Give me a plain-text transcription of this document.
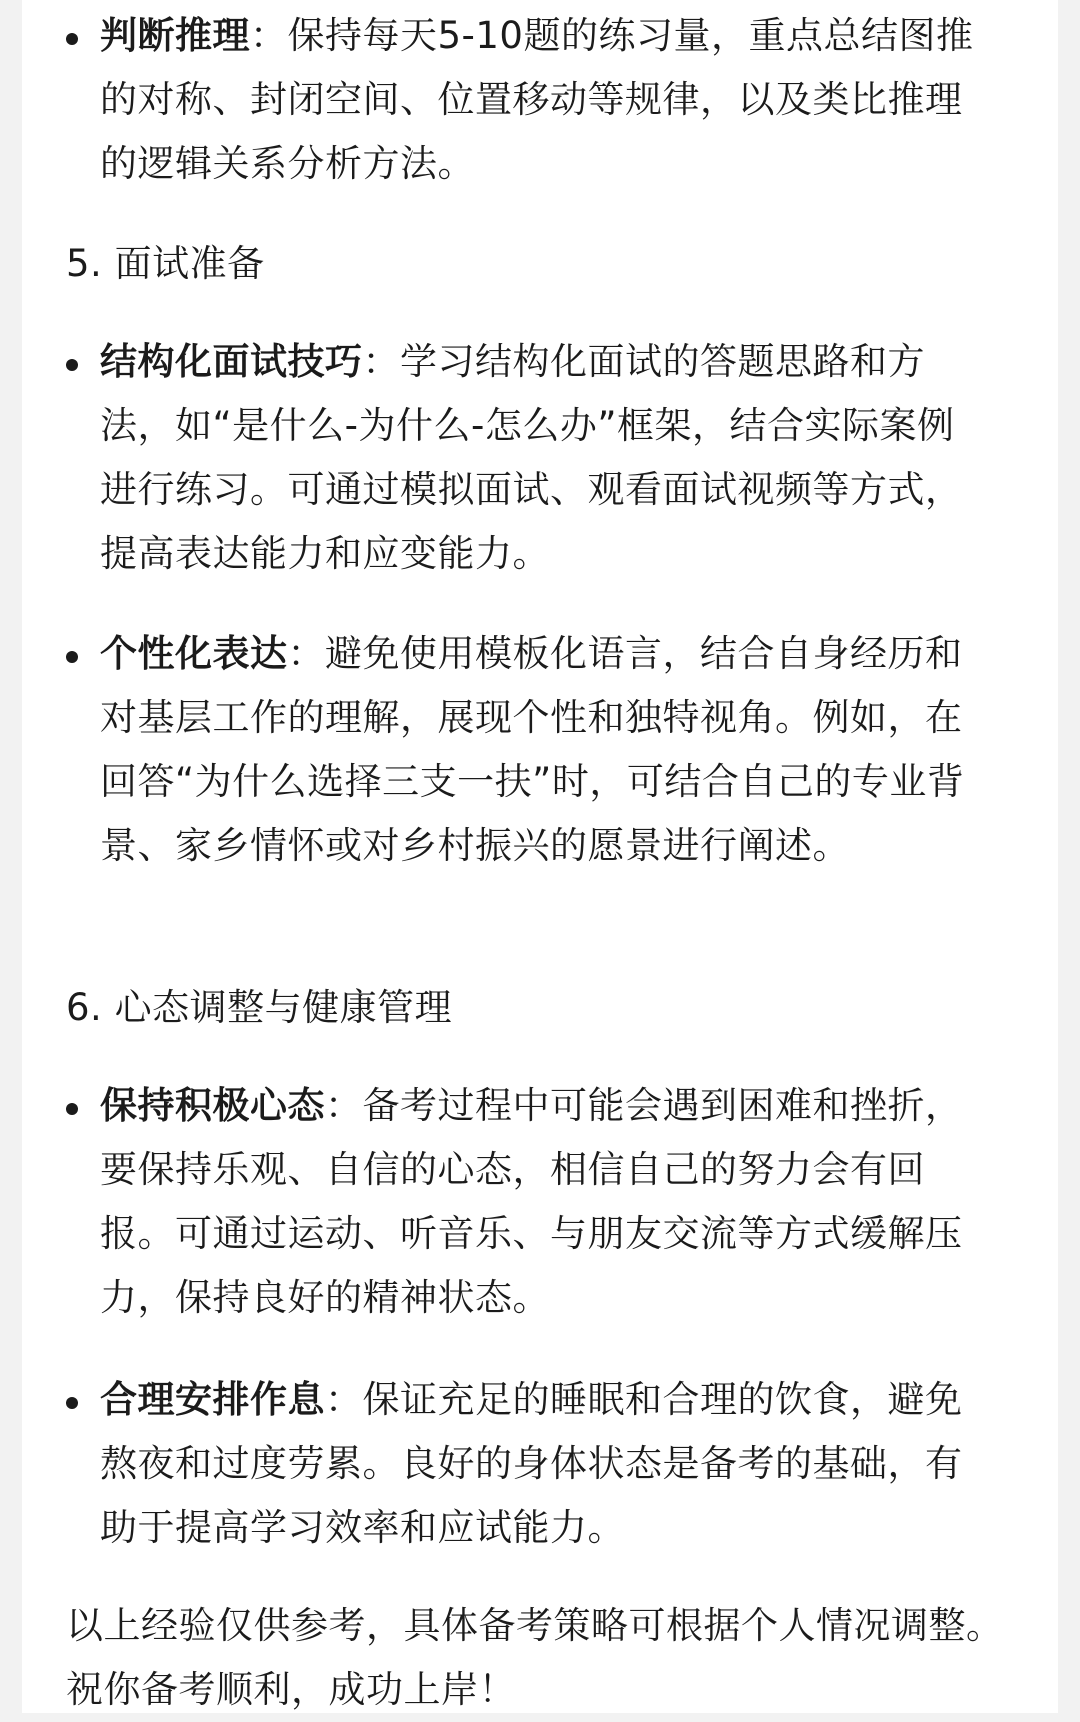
判断推理：保持每天5-10题的练习量，重点总结图推的对称、封闭空间、位置移动等规律，以及类比推理的逻辑关系分析方法。
5. 面试准备
结构化面试技巧：学习结构化面试的答题思路和方法，如“是什么-为什么-怎么办”框架，结合实际案例进行练习。可通过模拟面试、观看面试视频等方式，提高表达能力和应变能力。
个性化表达：避免使用模板化语言，结合自身经历和对基层工作的理解，展现个性和独特视角。例如，在回答“为什么选择三支一扶”时，可结合自己的专业背景、家乡情怀或对乡村振兴的愿景进行阐述。
6. 心态调整与健康管理
保持积极心态：备考过程中可能会遇到困难和挫折，要保持乐观、自信的心态，相信自己的努力会有回报。可通过运动、听音乐、与朋友交流等方式缓解压力，保持良好的精神状态。
合理安排作息：保证充足的睡眠和合理的饮食，避免熬夜和过度劳累。良好的身体状态是备考的基础，有助于提高学习效率和应试能力。
以上经验仅供参考，具体备考策略可根据个人情况调整。祝你备考顺利，成功上岸！
